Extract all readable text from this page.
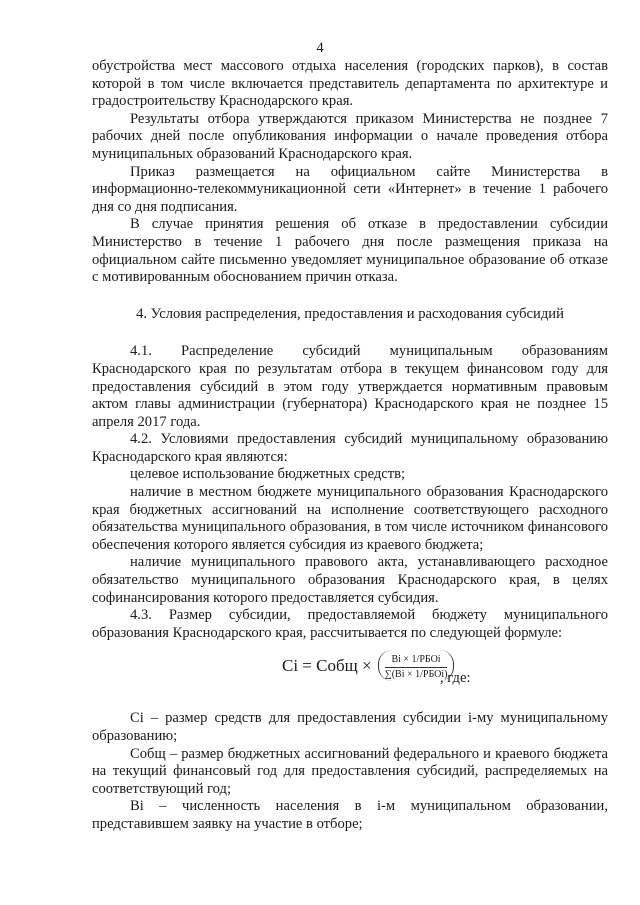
4

обустройства мест массового отдыха населения (городских парков), в состав которой в том числе включается представитель департамента по архитектуре и градостроительству Краснодарского края.

Результаты отбора утверждаются приказом Министерства не позднее 7 рабочих дней после опубликования информации о начале проведения отбора муниципальных образований Краснодарского края.

Приказ размещается на официальном сайте Министерства в информационно-телекоммуникационной сети «Интернет» в течение 1 рабочего дня со дня подписания.

В случае принятия решения об отказе в предоставлении субсидии Министерство в течение 1 рабочего дня после размещения приказа на официальном сайте письменно уведомляет муниципальное образование об отказе с мотивированным обоснованием причин отказа.

4. Условия распределения, предоставления и расходования субсидий

4.1. Распределение субсидий муниципальным образованиям Краснодарского края по результатам отбора в текущем финансовом году для предоставления субсидий в этом году утверждается нормативным правовым актом главы администрации (губернатора) Краснодарского края не позднее 15 апреля 2017 года.

4.2. Условиями предоставления субсидий муниципальному образованию Краснодарского края являются:

целевое использование бюджетных средств;

наличие в местном бюджете муниципального образования Краснодарского края бюджетных ассигнований на исполнение соответствующего расходного обязательства муниципального образования, в том числе источником финансового обеспечения которого является субсидия из краевого бюджета;

наличие муниципального правового акта, устанавливающего расходное обязательство муниципального образования Краснодарского края, в целях софинансирования которого предоставляется субсидия.

4.3. Размер субсидии, предоставляемой бюджету муниципального образования Краснодарского края, рассчитывается по следующей формуле:

Ci = Cобщ × $\frac{\text{Bi × 1/РБОi}}{\text{∑(Bi × 1/РБОi)}}$
, где:

Ci – размер средств для предоставления субсидии i-му муниципальному образованию;

Cобщ – размер бюджетных ассигнований федерального и краевого бюджета на текущий финансовый год для предоставления субсидий, распределяемых на соответствующий год;

Bi – численность населения в i-м муниципальном образовании, представившем заявку на участие в отборе;
